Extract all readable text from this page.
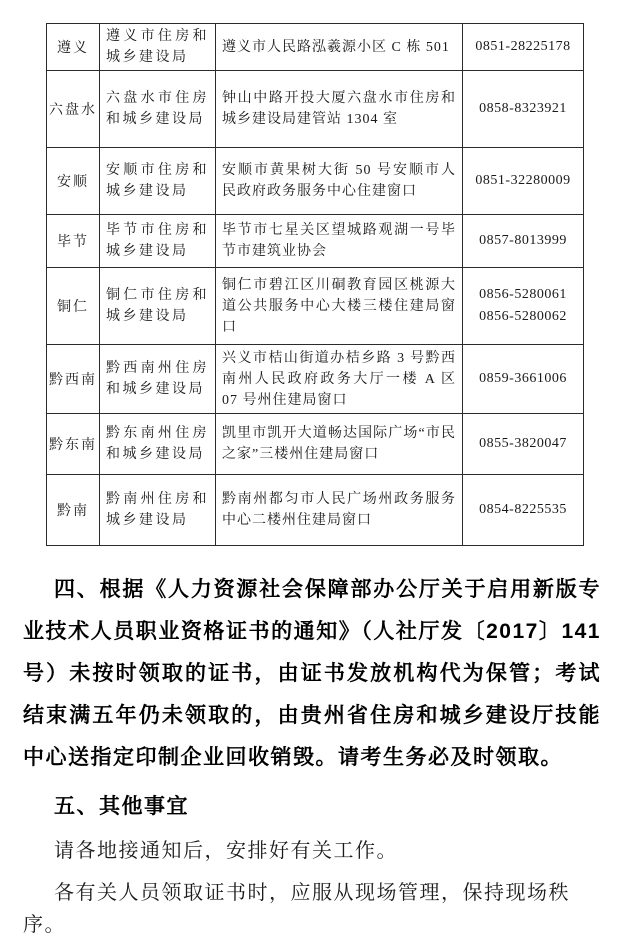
遵义	遵义市住房和城乡建设局	遵义市人民路泓羲源小区 C 栋 501	0851-28225178

六盘水	六盘水市住房和城乡建设局	钟山中路开投大厦六盘水市住房和城乡建设局建管站 1304 室	0858-8323921

安顺	安顺市住房和城乡建设局	安顺市黄果树大街 50 号安顺市人民政府政务服务中心住建窗口	0851-32280009

毕节	毕节市住房和城乡建设局	毕节市七星关区望城路观湖一号毕节市建筑业协会	0857-8013999

铜仁	铜仁市住房和城乡建设局	铜仁市碧江区川硐教育园区桃源大道公共服务中心大楼三楼住建局窗口	0856-5280061
0856-5280062

黔西南	黔西南州住房和城乡建设局	兴义市桔山街道办桔乡路 3 号黔西南州人民政府政务大厅一楼 A 区 07 号州住建局窗口	0859-3661006

黔东南	黔东南州住房和城乡建设局	凯里市凯开大道畅达国际广场“市民之家”三楼州住建局窗口	0855-3820047

黔南	黔南州住房和城乡建设局	黔南州都匀市人民广场州政务服务中心二楼州住建局窗口	0854-8225535

四、根据《人力资源社会保障部办公厅关于启用新版专业技术人员职业资格证书的通知》（人社厅发〔2017〕141 号）未按时领取的证书，由证书发放机构代为保管；考试结束满五年仍未领取的，由贵州省住房和城乡建设厅技能中心送指定印制企业回收销毁。请考生务必及时领取。

五、其他事宜

请各地接通知后，安排好有关工作。

各有关人员领取证书时，应服从现场管理，保持现场秩序。
